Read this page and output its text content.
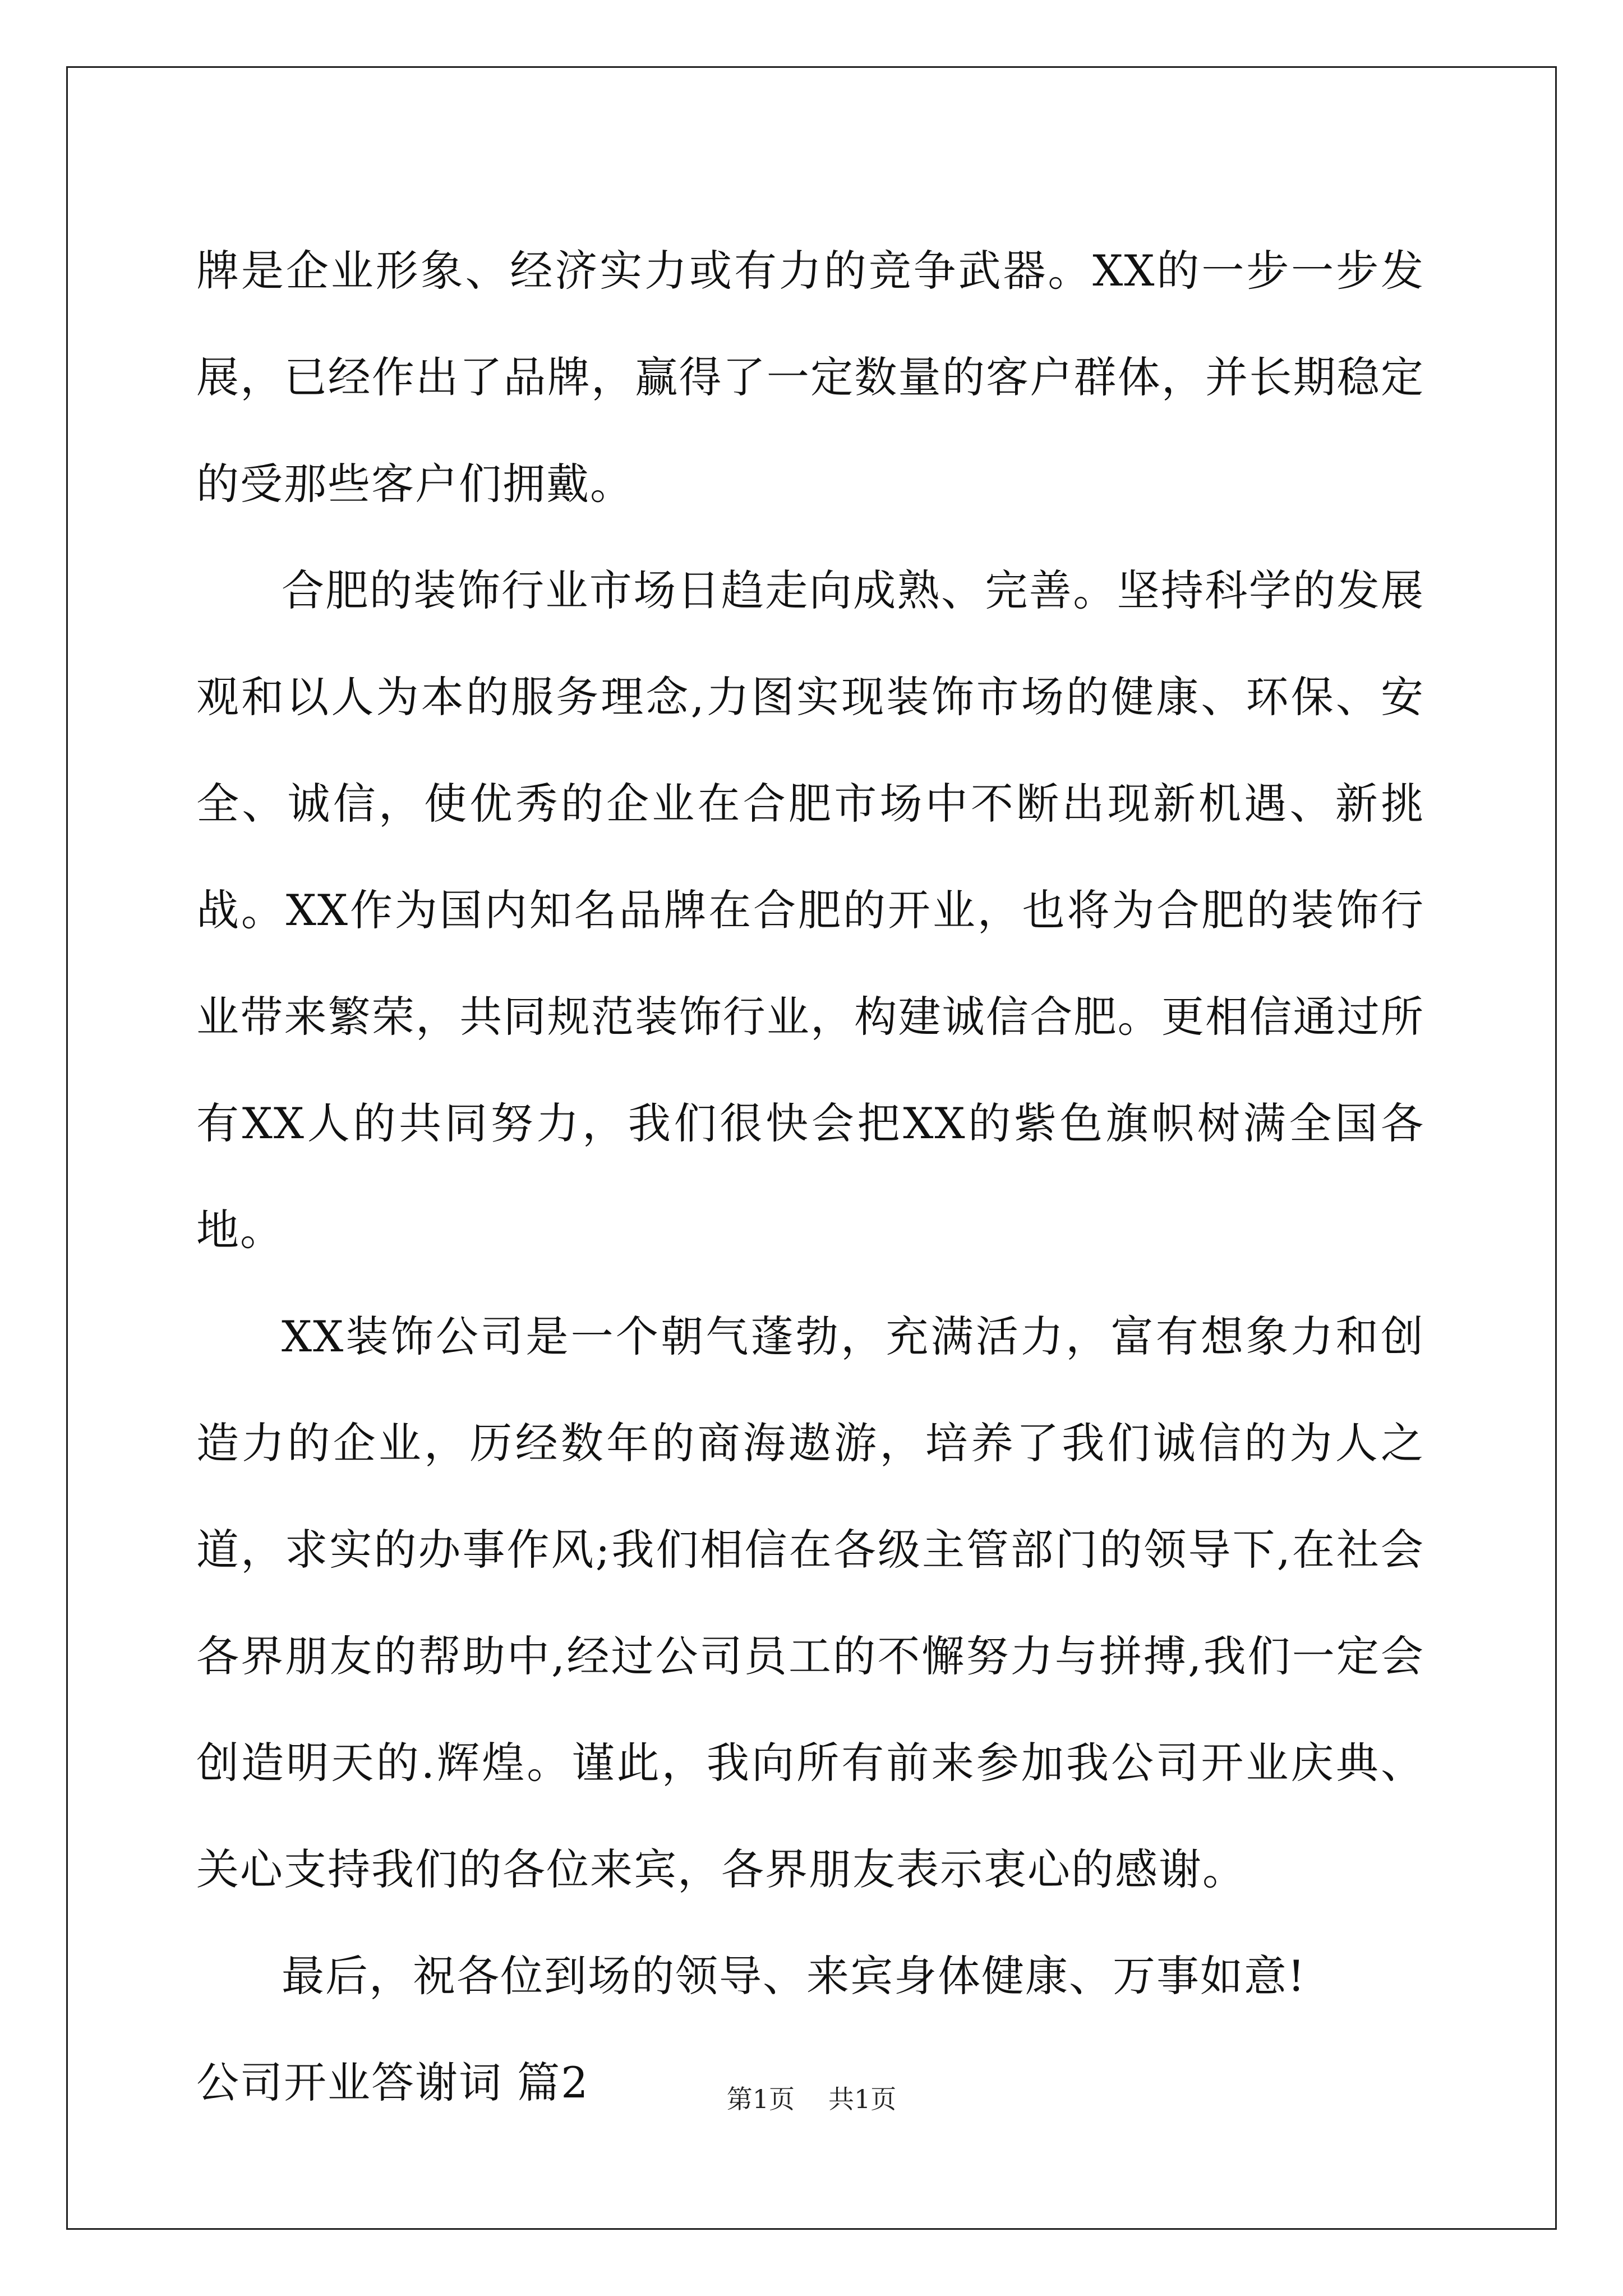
牌是企业形象、经济实力或有力的竞争武器。XX的一步一步发展，已经作出了品牌，赢得了一定数量的客户群体，并长期稳定的受那些客户们拥戴。

合肥的装饰行业市场日趋走向成熟、完善。坚持科学的发展观和以人为本的服务理念,力图实现装饰市场的健康、环保、安全、诚信，使优秀的企业在合肥市场中不断出现新机遇、新挑战。XX作为国内知名品牌在合肥的开业，也将为合肥的装饰行业带来繁荣，共同规范装饰行业，构建诚信合肥。更相信通过所有XX人的共同努力，我们很快会把XX的紫色旗帜树满全国各地。

XX装饰公司是一个朝气蓬勃，充满活力，富有想象力和创造力的企业，历经数年的商海遨游，培养了我们诚信的为人之道，求实的办事作风;我们相信在各级主管部门的领导下,在社会各界朋友的帮助中,经过公司员工的不懈努力与拼搏,我们一定会创造明天的.辉煌。谨此，我向所有前来参加我公司开业庆典、关心支持我们的各位来宾，各界朋友表示衷心的感谢。

最后，祝各位到场的领导、来宾身体健康、万事如意!

公司开业答谢词 篇2	第1页 共1页
